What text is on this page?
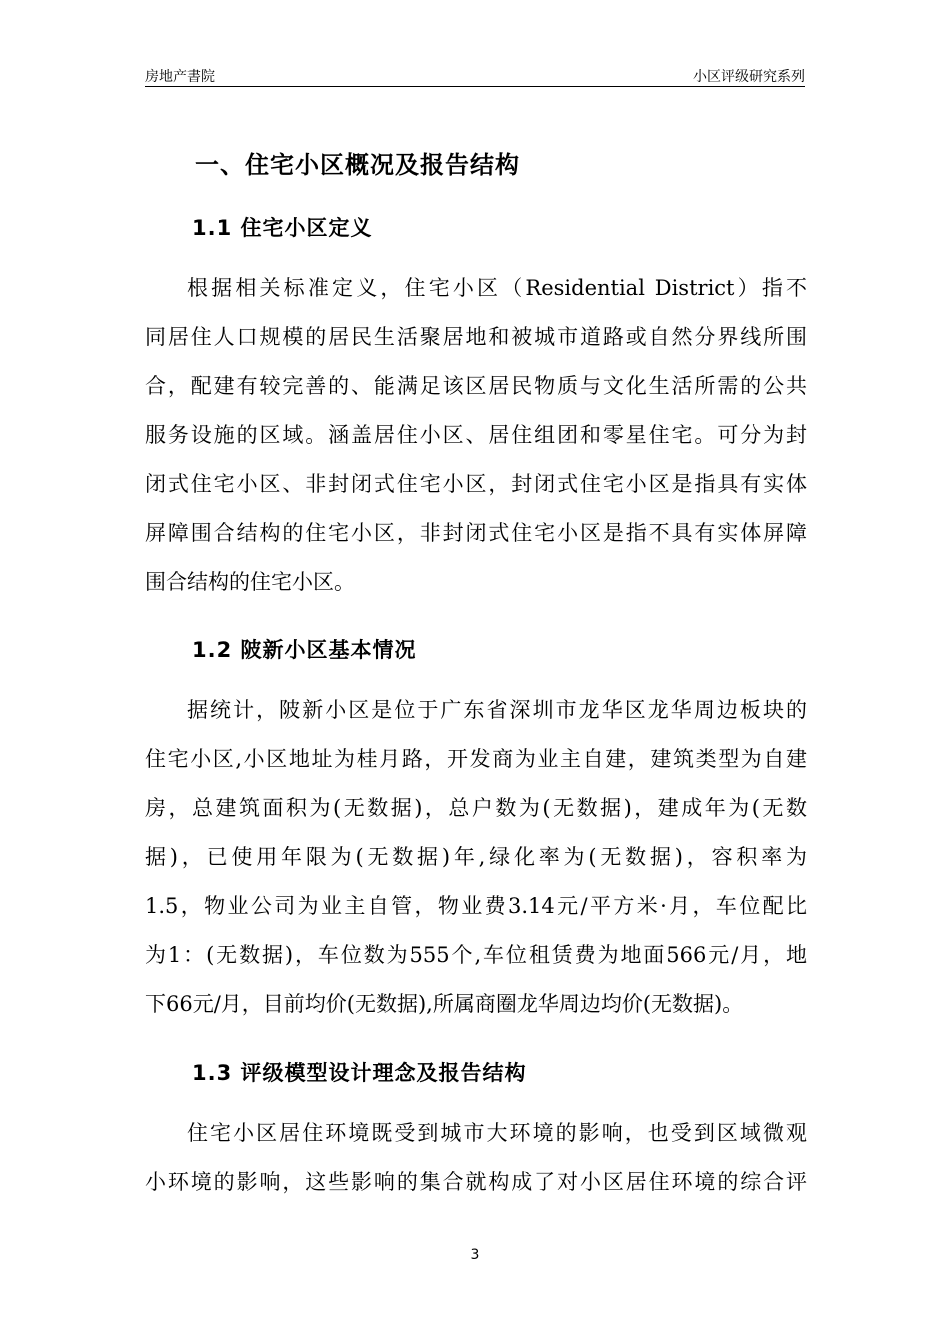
房地产書院	小区评级研究系列
一、住宅小区概况及报告结构
1.1 住宅小区定义
根据相关标准定义，住宅小区（Residential District）指不
同居住人口规模的居民生活聚居地和被城市道路或自然分界线所围
合，配建有较完善的、能满足该区居民物质与文化生活所需的公共
服务设施的区域。涵盖居住小区、居住组团和零星住宅。可分为封
闭式住宅小区、非封闭式住宅小区，封闭式住宅小区是指具有实体
屏障围合结构的住宅小区，非封闭式住宅小区是指不具有实体屏障
围合结构的住宅小区。
1.2 陂新小区基本情况
据统计，陂新小区是位于广东省深圳市龙华区龙华周边板块的
住宅小区,小区地址为桂月路，开发商为业主自建，建筑类型为自建
房，总建筑面积为(无数据)，总户数为(无数据)，建成年为(无数
据)，已使用年限为(无数据)年,绿化率为(无数据)，容积率为
1.5，物业公司为业主自管，物业费3.14元/平方米·月，车位配比
为1：(无数据)，车位数为555个,车位租赁费为地面566元/月，地
下66元/月，目前均价(无数据),所属商圈龙华周边均价(无数据)。
1.3 评级模型设计理念及报告结构
住宅小区居住环境既受到城市大环境的影响，也受到区域微观
小环境的影响，这些影响的集合就构成了对小区居住环境的综合评
3
